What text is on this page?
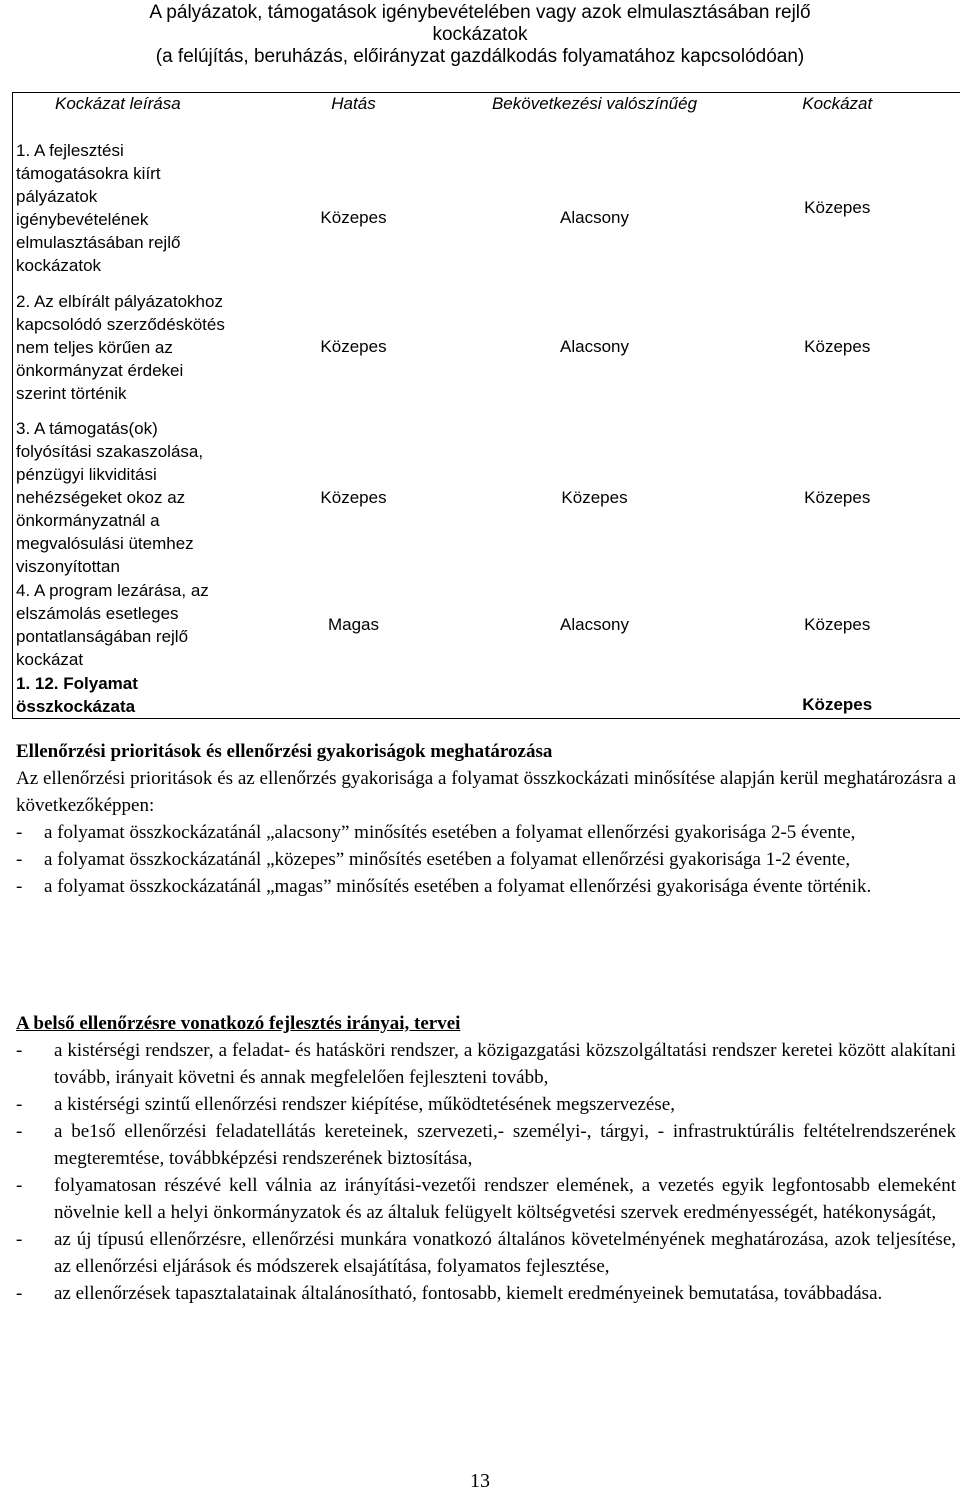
A pályázatok, támogatások igénybevételében vagy azok elmulasztásában rejlő
kockázatok
(a felújítás, beruházás, előirányzat gazdálkodás folyamatához kapcsolódóan)
Kockázat leírása	Hatás	Bekövetkezési valószínűég	Kockázat
1. A fejlesztési támogatásokra kiírt pályázatok igénybevételének elmulasztásában rejlő kockázatok	Közepes	Alacsony	Közepes
2. Az elbírált pályázatokhoz kapcsolódó szerződéskötés nem teljes körűen az önkormányzat érdekei szerint történik	Közepes	Alacsony	Közepes
3. A támogatás(ok) folyósítási szakaszolása, pénzügyi likviditási nehézségeket okoz az önkormányzatnál a megvalósulási ütemhez viszonyítottan	Közepes	Közepes	Közepes
4. A program lezárása, az elszámolás esetleges pontatlanságában rejlő kockázat	Magas	Alacsony	Közepes
1. 12. Folyamat összkockázata			Közepes
Ellenőrzési prioritások és ellenőrzési gyakoriságok meghatározása

Az ellenőrzési prioritások és az ellenőrzés gyakorisága a folyamat összkockázati minősítése alapján kerül meghatározásra a következőképpen:

- a folyamat összkockázatánál „alacsony” minősítés esetében a folyamat ellenőrzési gyakorisága 2-5 évente,
- a folyamat összkockázatánál „közepes” minősítés esetében a folyamat ellenőrzési gyakorisága 1-2 évente,
- a folyamat összkockázatánál „magas” minősítés esetében a folyamat ellenőrzési gyakorisága évente történik.
A belső ellenőrzésre vonatkozó fejlesztés irányai, tervei
- a kistérségi rendszer, a feladat- és hatásköri rendszer, a közigazgatási közszolgáltatási rendszer keretei között alakítani tovább, irányait követni és annak megfelelően fejleszteni tovább,
- a kistérségi szintű ellenőrzési rendszer kiépítése, működtetésének megszervezése,
- a be1ső ellenőrzési feladatellátás kereteinek, szervezeti,- személyi-, tárgyi, - infrastruktúrális feltételrendszerének megteremtése, továbbképzési rendszerének biztosítása,
- folyamatosan részévé kell válnia az irányítási-vezetői rendszer elemének, a vezetés egyik legfontosabb elemeként növelnie kell a helyi önkormányzatok és az általuk felügyelt költségvetési szervek eredményességét, hatékonyságát,
- az új típusú ellenőrzésre, ellenőrzési munkára vonatkozó általános követelményének meghatározása, azok teljesítése, az ellenőrzési eljárások és módszerek elsajátítása, folyamatos fejlesztése,
- az ellenőrzések tapasztalatainak általánosítható, fontosabb, kiemelt eredményeinek bemutatása, továbbadása.
13
